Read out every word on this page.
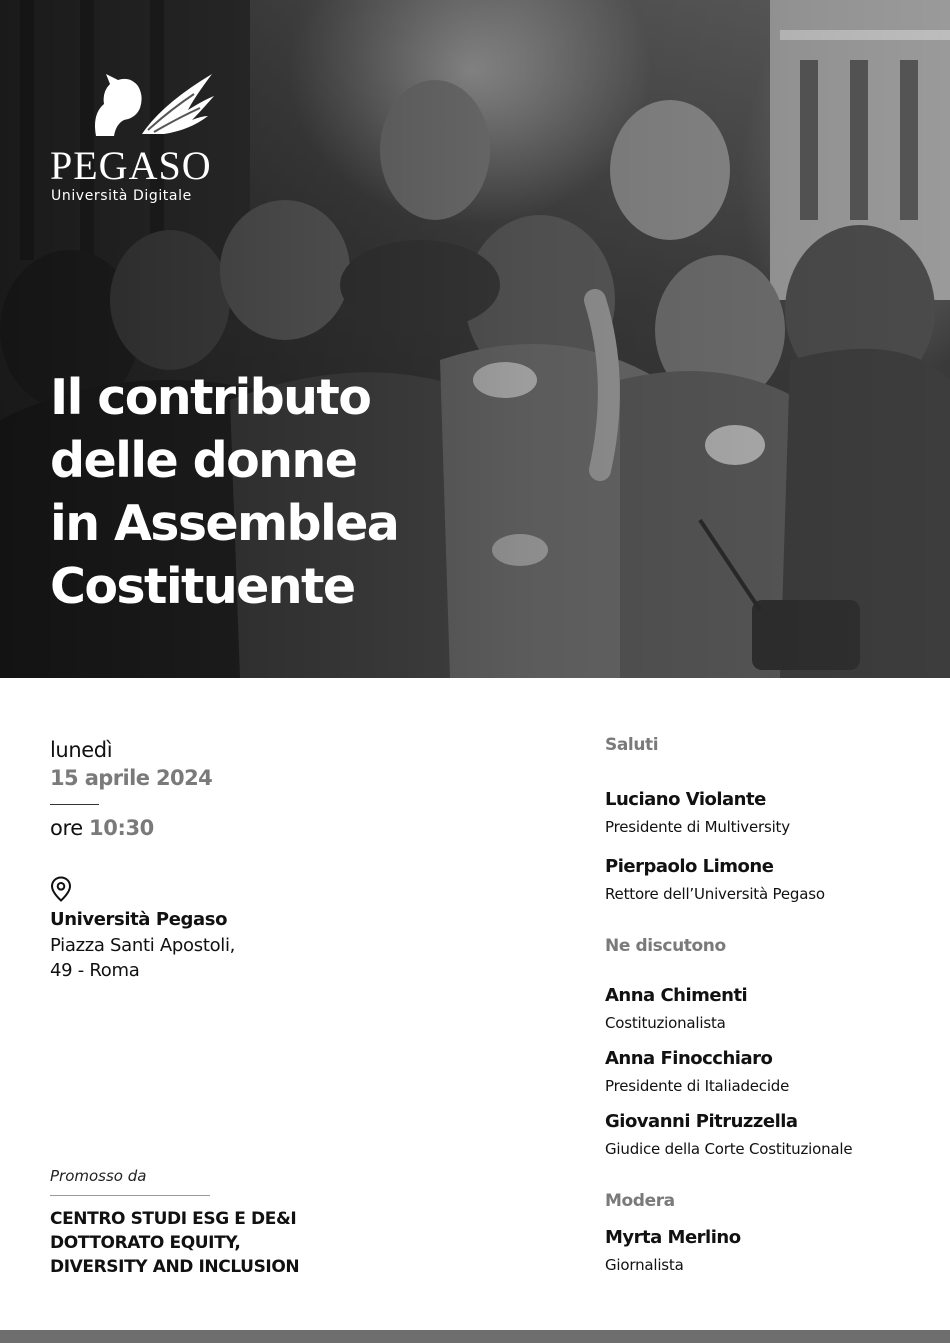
PEGASO
Università Digitale
Il contributo
delle donne
in Assemblea
Costituente
lunedì
15 aprile 2024
ore 10:30
Università Pegaso
Piazza Santi Apostoli,
49 - Roma
Promosso da
CENTRO STUDI ESG E DE&I
DOTTORATO EQUITY,
DIVERSITY AND INCLUSION
Saluti
Luciano Violante
Presidente di Multiversity
Pierpaolo Limone
Rettore dell’Università Pegaso
Ne discutono
Anna Chimenti
Costituzionalista
Anna Finocchiaro
Presidente di Italiadecide
Giovanni Pitruzzella
Giudice della Corte Costituzionale
Modera
Myrta Merlino
Giornalista
